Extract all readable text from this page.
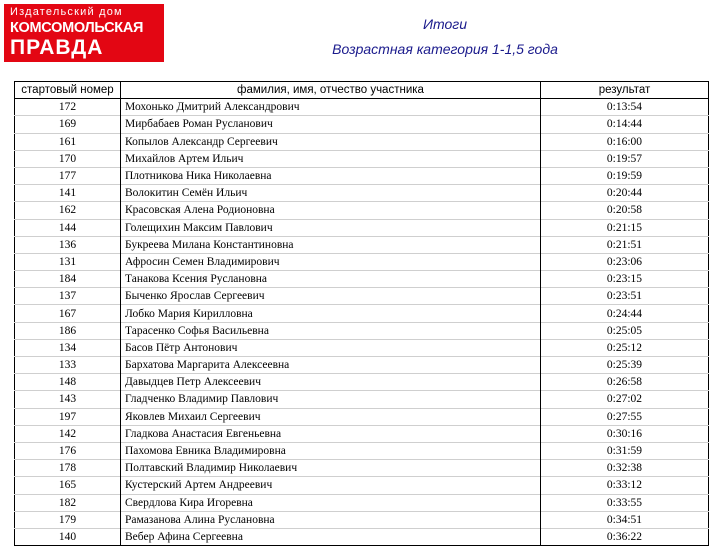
Издательский дом
КОМСОМОЛЬСКАЯ
ПРАВДА
Итоги
Возрастная категория 1-1,5 года
стартовый номер	фамилия, имя, отчество участника	результат
172	Мохонько Дмитрий Александрович	0:13:54
169	Мирбабаев Роман Русланович	0:14:44
161	Копылов Александр Сергеевич	0:16:00
170	Михайлов Артем Ильич	0:19:57
177	Плотникова Ника Николаевна	0:19:59
141	Волокитин Семён Ильич	0:20:44
162	Красовская Алена Родионовна	0:20:58
144	Голещихин Максим Павлович	0:21:15
136	Букреева Милана Константиновна	0:21:51
131	Афросин Семен Владимирович	0:23:06
184	Танакова Ксения Руслановна	0:23:15
137	Быченко Ярослав Сергеевич	0:23:51
167	Лобко Мария Кирилловна	0:24:44
186	Тарасенко Софья Васильевна	0:25:05
134	Басов Пётр Антонович	0:25:12
133	Бархатова Маргарита Алексеевна	0:25:39
148	Давыдцев Петр Алексеевич	0:26:58
143	Гладченко Владимир Павлович	0:27:02
197	Яковлев Михаил Сергеевич	0:27:55
142	Гладкова Анастасия Евгеньевна	0:30:16
176	Пахомова Евника Владимировна	0:31:59
178	Полтавский Владимир Николаевич	0:32:38
165	Кустерский Артем Андреевич	0:33:12
182	Свердлова Кира Игоревна	0:33:55
179	Рамазанова Алина Руслановна	0:34:51
140	Вебер Афина Сергеевна	0:36:22
